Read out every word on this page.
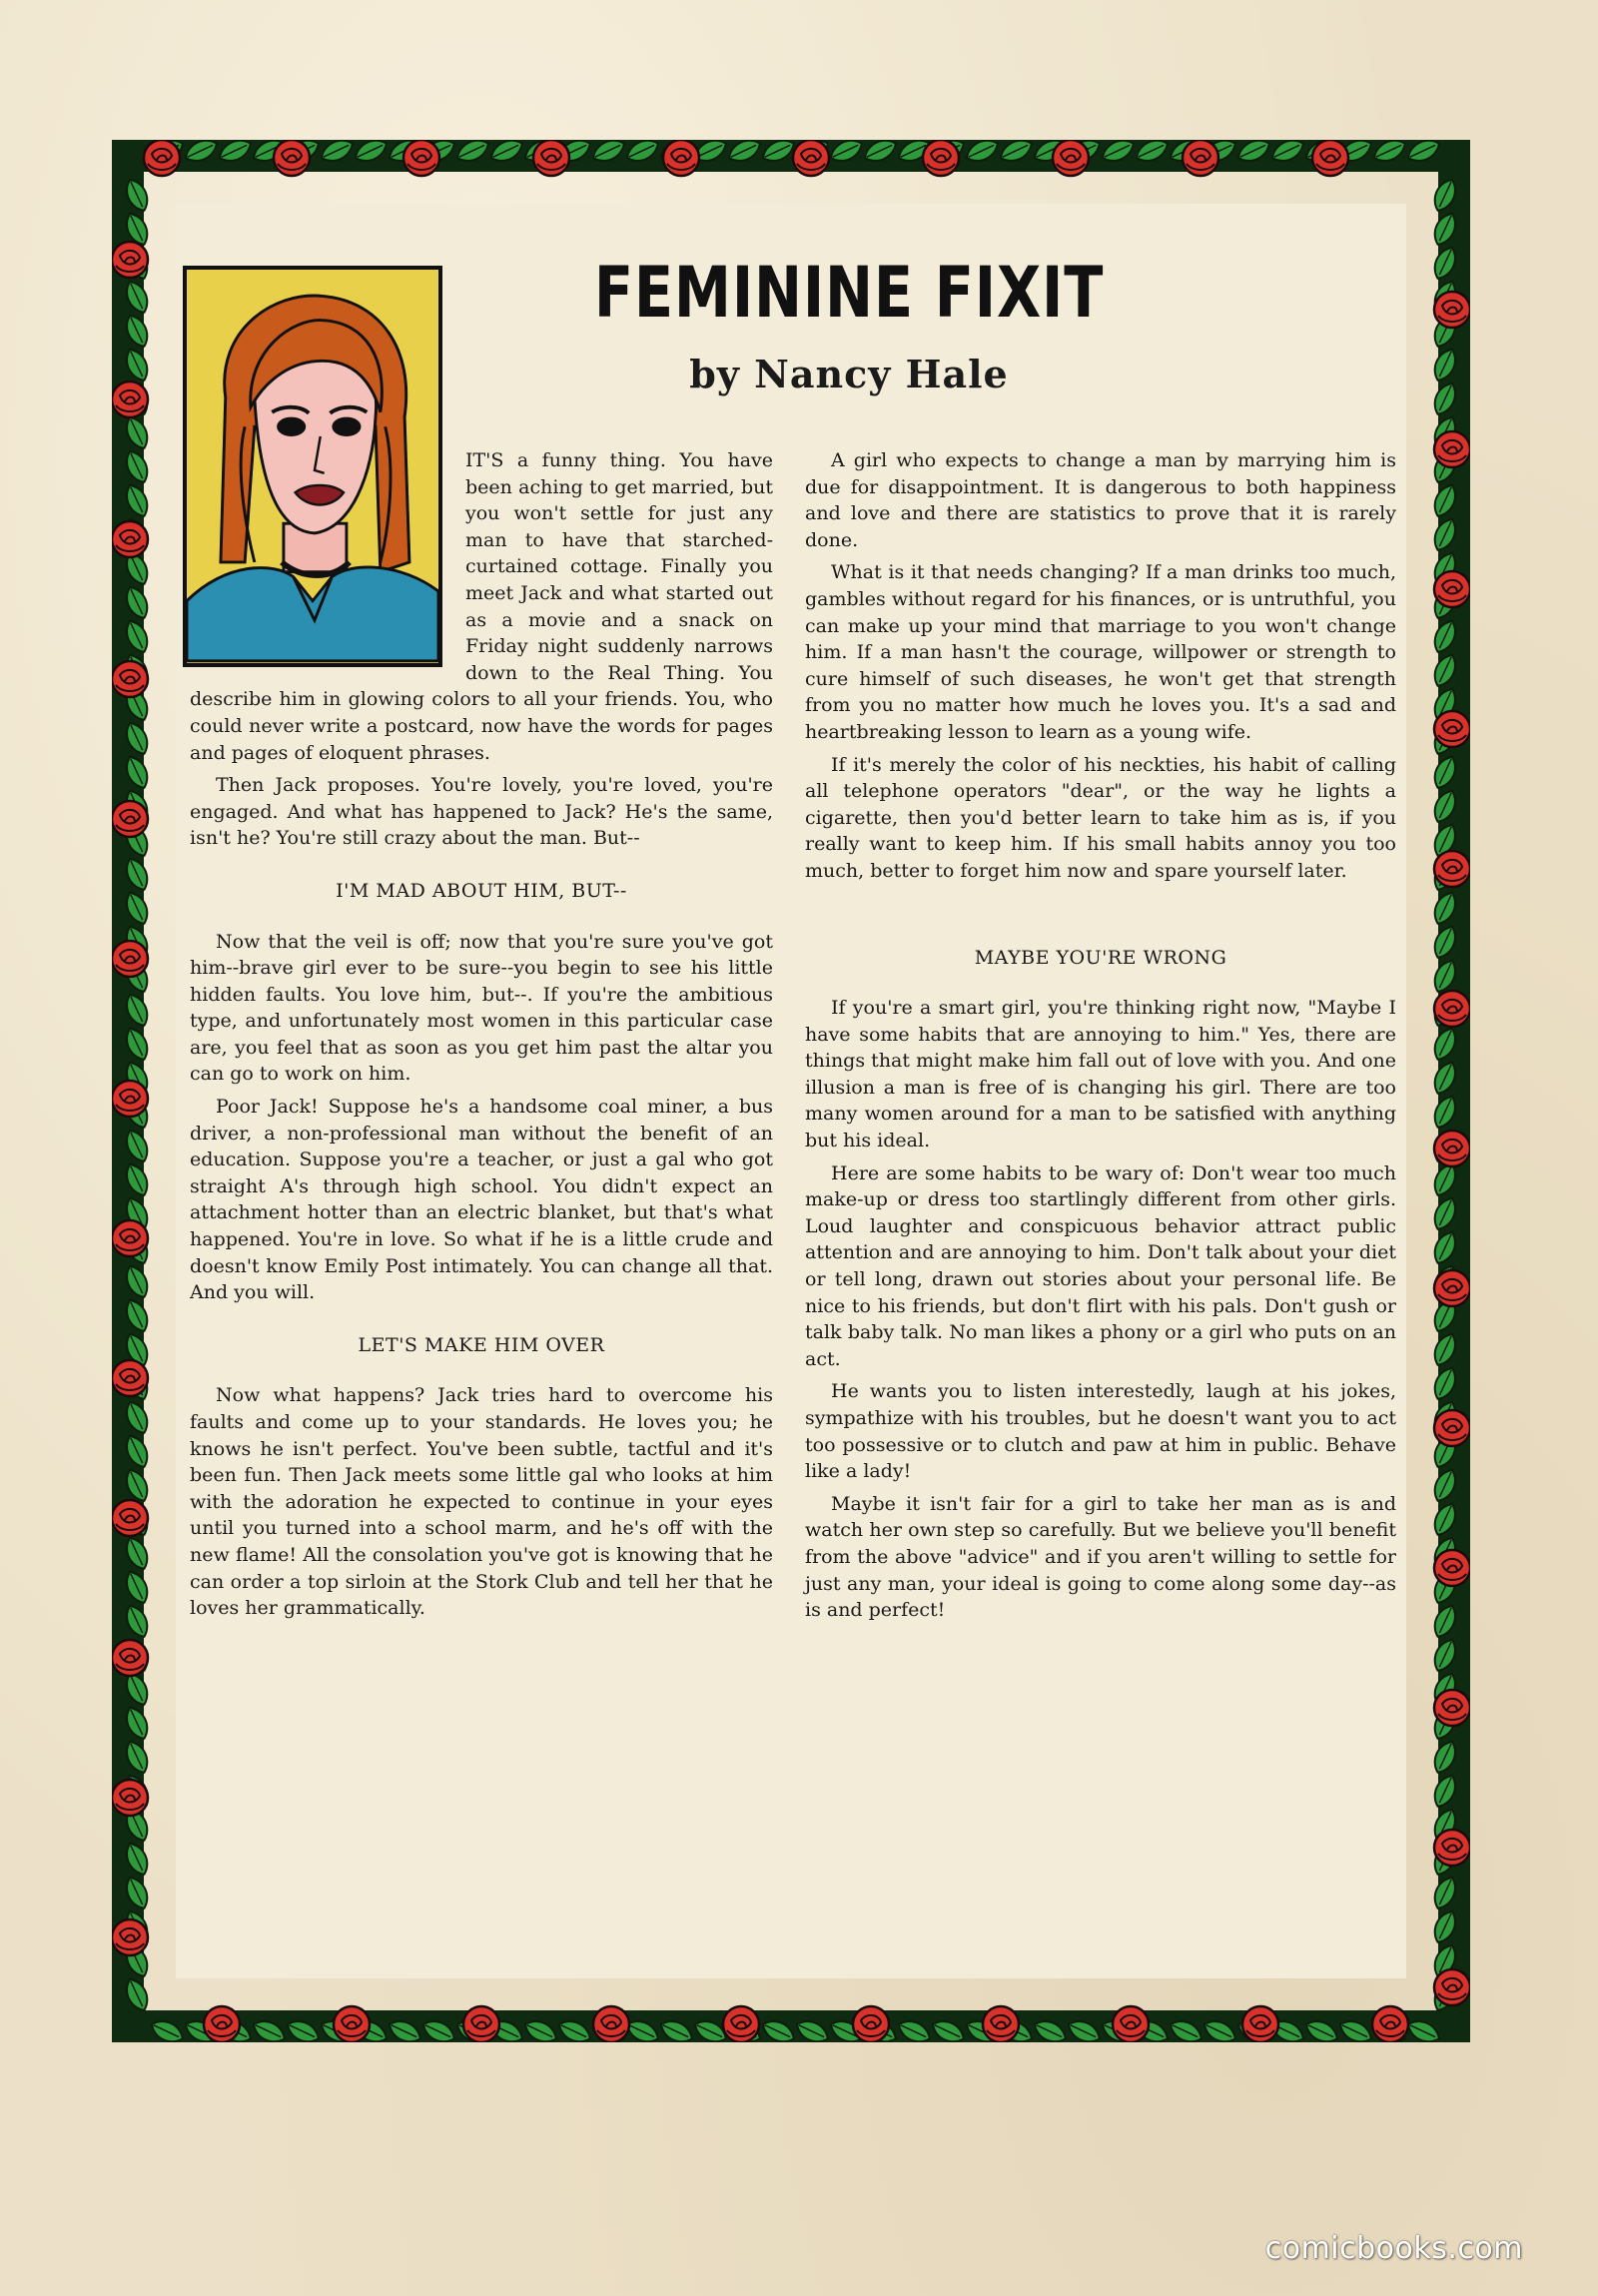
FEMININE FIXIT
by Nancy Hale

IT'S a funny thing. You have been aching to get married, but you won't settle for just any man to have that starched-curtained cottage. Finally you meet Jack and what started out as a movie and a snack on Friday night suddenly narrows down to the Real Thing. You describe him in glowing colors to all your friends. You, who could never write a postcard, now have the words for pages and pages of eloquent phrases.

Then Jack proposes. You're lovely, you're loved, you're engaged. And what has happened to Jack? He's the same, isn't he? You're still crazy about the man. But--

I'M MAD ABOUT HIM, BUT--

Now that the veil is off; now that you're sure you've got him--brave girl ever to be sure--you begin to see his little hidden faults. You love him, but--. If you're the ambitious type, and unfortunately most women in this particular case are, you feel that as soon as you get him past the altar you can go to work on him.

Poor Jack! Suppose he's a handsome coal miner, a bus driver, a non-professional man without the benefit of an education. Suppose you're a teacher, or just a gal who got straight A's through high school. You didn't expect an attachment hotter than an electric blanket, but that's what happened. You're in love. So what if he is a little crude and doesn't know Emily Post intimately. You can change all that. And you will.

LET'S MAKE HIM OVER

Now what happens? Jack tries hard to overcome his faults and come up to your standards. He loves you; he knows he isn't perfect. You've been subtle, tactful and it's been fun. Then Jack meets some little gal who looks at him with the adoration he expected to continue in your eyes until you turned into a school marm, and he's off with the new flame! All the consolation you've got is knowing that he can order a top sirloin at the Stork Club and tell her that he loves her grammatically.

A girl who expects to change a man by marrying him is due for disappointment. It is dangerous to both happiness and love and there are statistics to prove that it is rarely done.

What is it that needs changing? If a man drinks too much, gambles without regard for his finances, or is untruthful, you can make up your mind that marriage to you won't change him. If a man hasn't the courage, willpower or strength to cure himself of such diseases, he won't get that strength from you no matter how much he loves you. It's a sad and heartbreaking lesson to learn as a young wife.

If it's merely the color of his neckties, his habit of calling all telephone operators "dear", or the way he lights a cigarette, then you'd better learn to take him as is, if you really want to keep him. If his small habits annoy you too much, better to forget him now and spare yourself later.

MAYBE YOU'RE WRONG

If you're a smart girl, you're thinking right now, "Maybe I have some habits that are annoying to him." Yes, there are things that might make him fall out of love with you. And one illusion a man is free of is changing his girl. There are too many women around for a man to be satisfied with anything but his ideal.

Here are some habits to be wary of: Don't wear too much make-up or dress too startlingly different from other girls. Loud laughter and conspicuous behavior attract public attention and are annoying to him. Don't talk about your diet or tell long, drawn out stories about your personal life. Be nice to his friends, but don't flirt with his pals. Don't gush or talk baby talk. No man likes a phony or a girl who puts on an act.

He wants you to listen interestedly, laugh at his jokes, sympathize with his troubles, but he doesn't want you to act too possessive or to clutch and paw at him in public. Behave like a lady!

Maybe it isn't fair for a girl to take her man as is and watch her own step so carefully. But we believe you'll benefit from the above "advice" and if you aren't willing to settle for just any man, your ideal is going to come along some day--as is and perfect!

comicbooks.com
